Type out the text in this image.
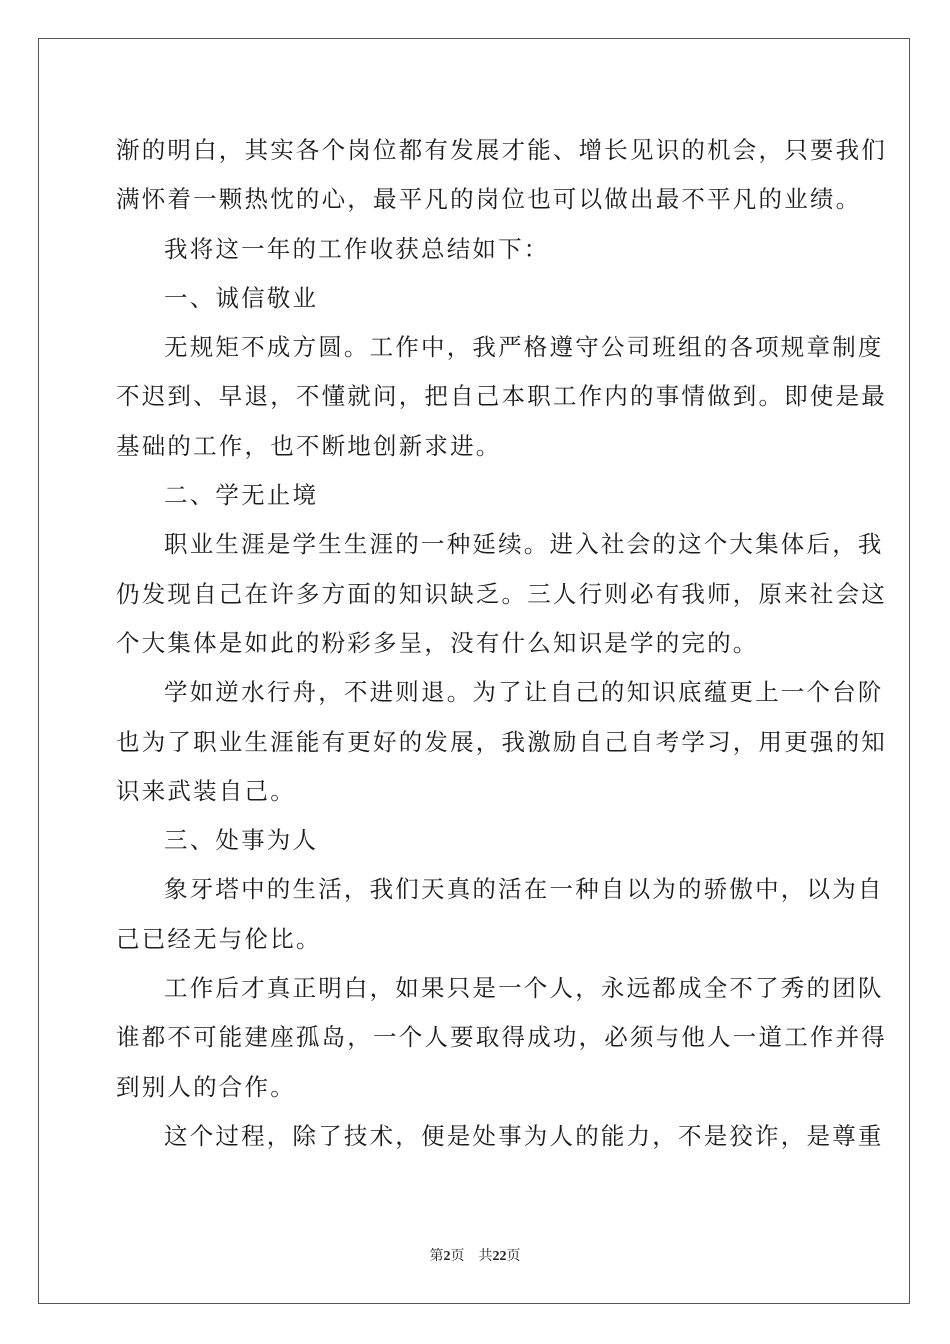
渐的明白，其实各个岗位都有发展才能、增长见识的机会，只要我们
满怀着一颗热忱的心，最平凡的岗位也可以做出最不平凡的业绩。
我将这一年的工作收获总结如下：
一、诚信敬业
无规矩不成方圆。工作中，我严格遵守公司班组的各项规章制度
不迟到、早退，不懂就问，把自己本职工作内的事情做到。即使是最
基础的工作，也不断地创新求进。
二、学无止境
职业生涯是学生生涯的一种延续。进入社会的这个大集体后，我
仍发现自己在许多方面的知识缺乏。三人行则必有我师，原来社会这
个大集体是如此的粉彩多呈，没有什么知识是学的完的。
学如逆水行舟，不进则退。为了让自己的知识底蕴更上一个台阶
也为了职业生涯能有更好的发展，我激励自己自考学习，用更强的知
识来武装自己。
三、处事为人
象牙塔中的生活，我们天真的活在一种自以为的骄傲中，以为自
己已经无与伦比。
工作后才真正明白，如果只是一个人，永远都成全不了秀的团队
谁都不可能建座孤岛，一个人要取得成功，必须与他人一道工作并得
到别人的合作。
这个过程，除了技术，便是处事为人的能力，不是狡诈，是尊重
第2页 共22页
